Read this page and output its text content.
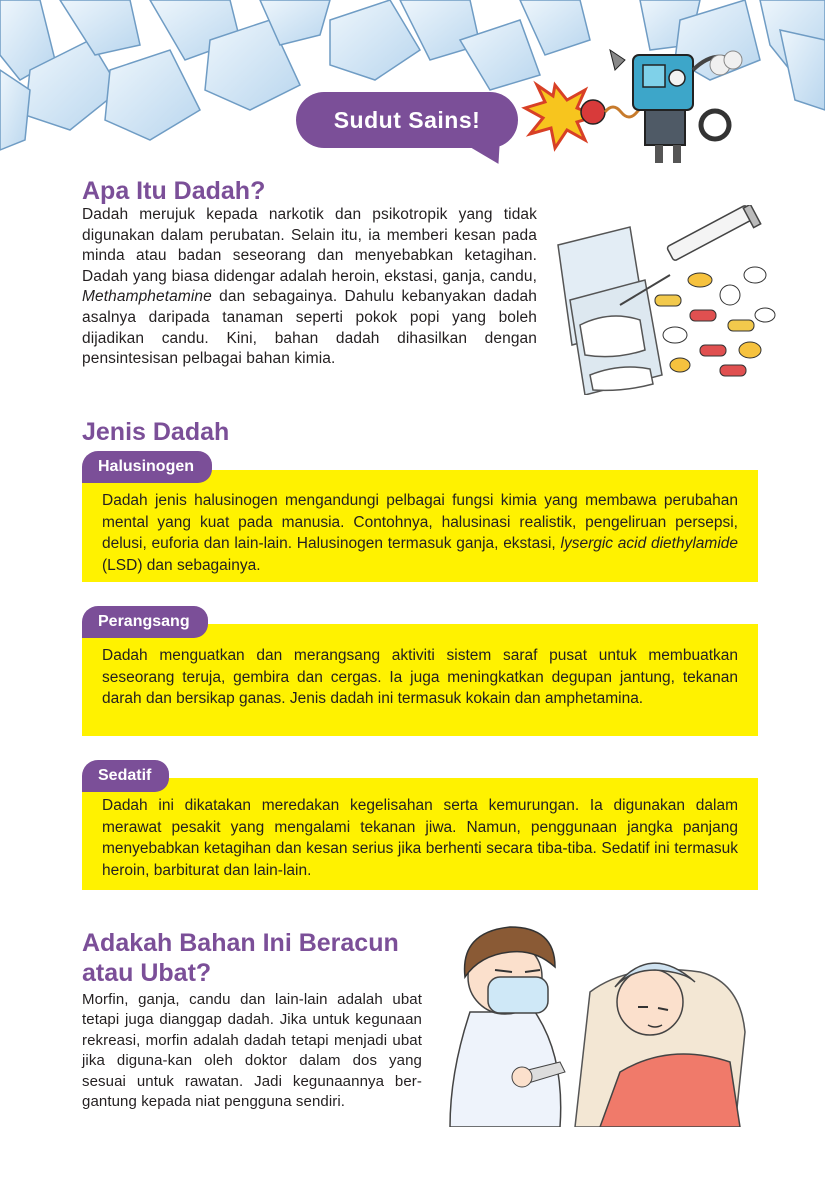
Sudut Sains!
Apa Itu Dadah?

Dadah merujuk kepada narkotik dan psikotropik yang tidak digunakan dalam perubatan. Selain itu, ia memberi kesan pada minda atau badan seseorang dan menyebabkan ketagihan. Dadah yang biasa didengar adalah heroin, ekstasi, ganja, candu, Methamphetamine dan sebagainya. Dahulu kebanyakan dadah asalnya daripada tanaman seperti pokok popi yang boleh dijadikan candu. Kini, bahan dadah dihasilkan dengan pensintesisan pelbagai bahan kimia.

Jenis Dadah

Dadah jenis halusinogen mengandungi pelbagai fungsi kimia yang membawa perubahan mental yang kuat pada manusia. Contohnya, halusinasi realistik, pengeliruan persepsi, delusi, euforia dan lain-lain. Halusinogen termasuk ganja, ekstasi, lysergic acid diethylamide (LSD) dan sebagainya.

Halusinogen

Dadah menguatkan dan merangsang aktiviti sistem saraf pusat untuk membuatkan seseorang teruja, gembira dan cergas. Ia juga meningkatkan degupan jantung, tekanan darah dan bersikap ganas. Jenis dadah ini termasuk kokain dan amphetamina.

Perangsang

Dadah ini dikatakan meredakan kegelisahan serta kemurungan. Ia digunakan dalam merawat pesakit yang mengalami tekanan jiwa. Namun, penggunaan jangka panjang menyebabkan ketagihan dan kesan serius jika berhenti secara tiba-tiba. Sedatif ini termasuk heroin, barbiturat dan lain-lain.

Sedatif
Adakah Bahan Ini Beracun
atau Ubat?

Morfin, ganja, candu dan lain-lain adalah ubat tetapi juga dianggap dadah. Jika untuk kegunaan rekreasi, morfin adalah dadah tetapi menjadi ubat jika diguna-kan oleh doktor dalam dos yang sesuai untuk rawatan. Jadi kegunaannya ber-gantung kepada niat pengguna sendiri.
